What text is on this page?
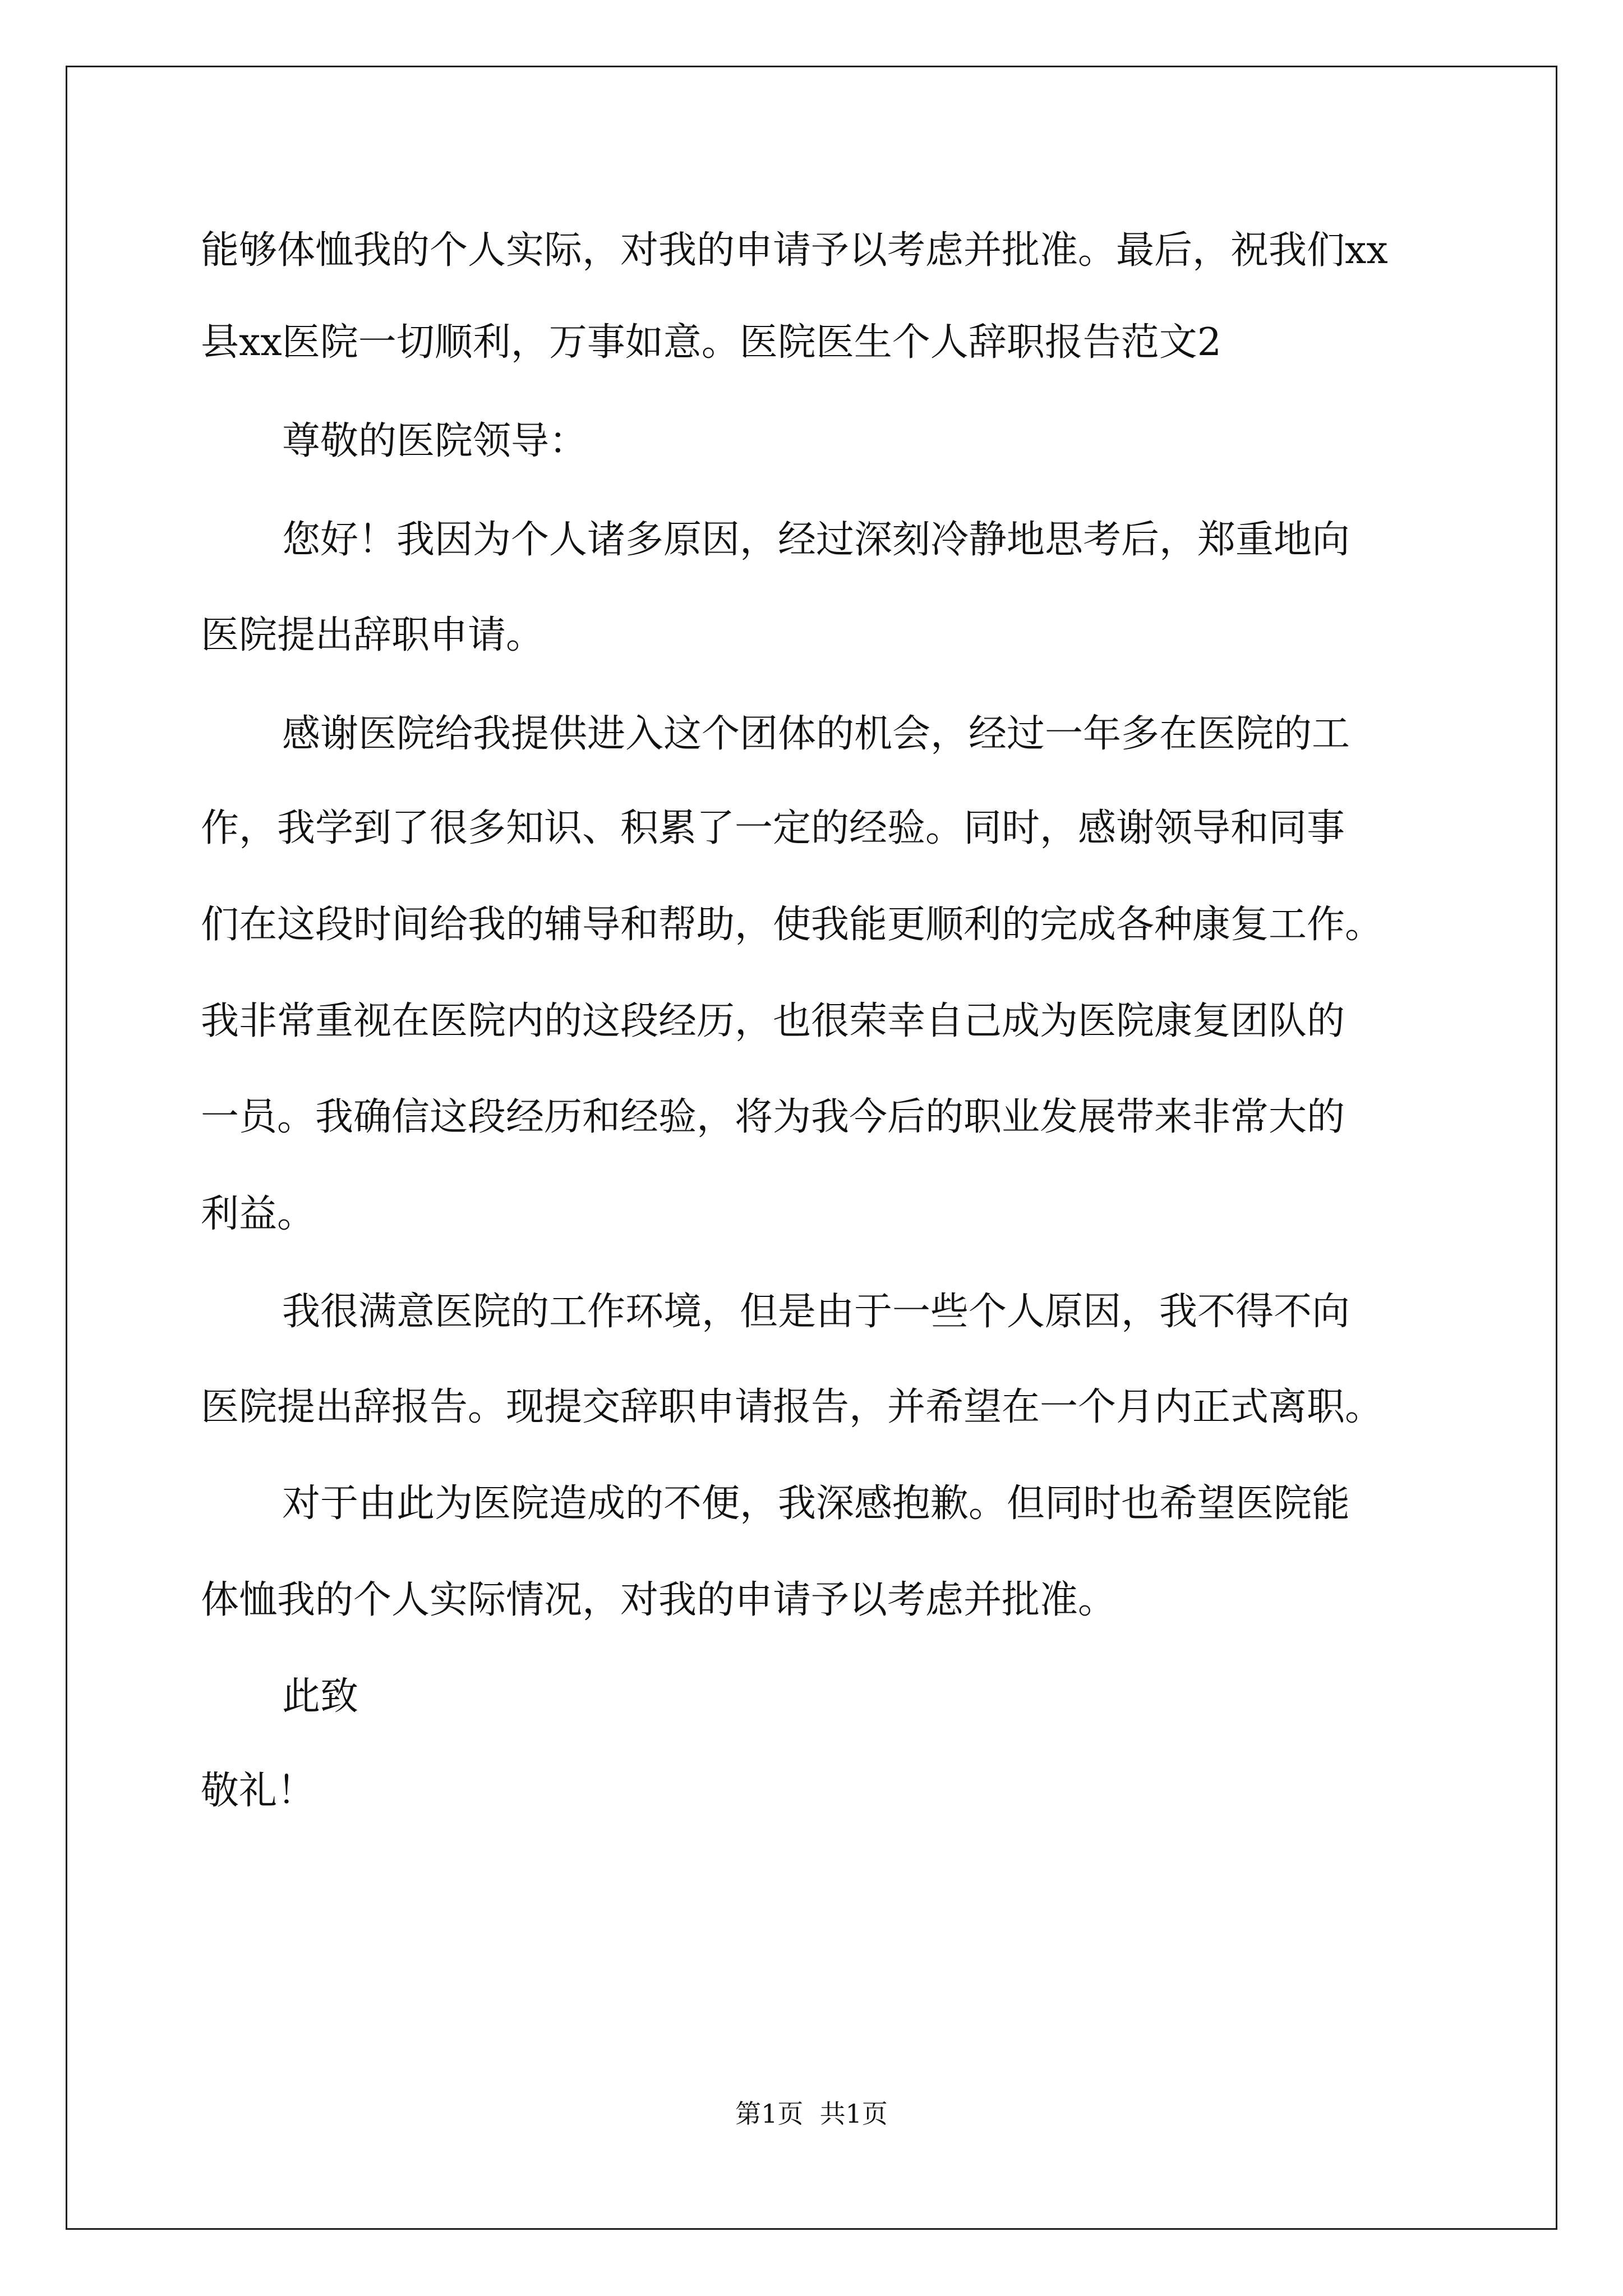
能够体恤我的个人实际，对我的申请予以考虑并批准。最后，祝我们xx

县xx医院一切顺利，万事如意。医院医生个人辞职报告范文2

尊敬的医院领导：

您好！我因为个人诸多原因，经过深刻冷静地思考后，郑重地向

医院提出辞职申请。

感谢医院给我提供进入这个团体的机会，经过一年多在医院的工

作，我学到了很多知识、积累了一定的经验。同时，感谢领导和同事

们在这段时间给我的辅导和帮助，使我能更顺利的完成各种康复工作。

我非常重视在医院内的这段经历，也很荣幸自己成为医院康复团队的

一员。我确信这段经历和经验，将为我今后的职业发展带来非常大的

利益。

我很满意医院的工作环境，但是由于一些个人原因，我不得不向

医院提出辞报告。现提交辞职申请报告，并希望在一个月内正式离职。

对于由此为医院造成的不便，我深感抱歉。但同时也希望医院能

体恤我的个人实际情况，对我的申请予以考虑并批准。

此致

敬礼！

第1页  共1页
